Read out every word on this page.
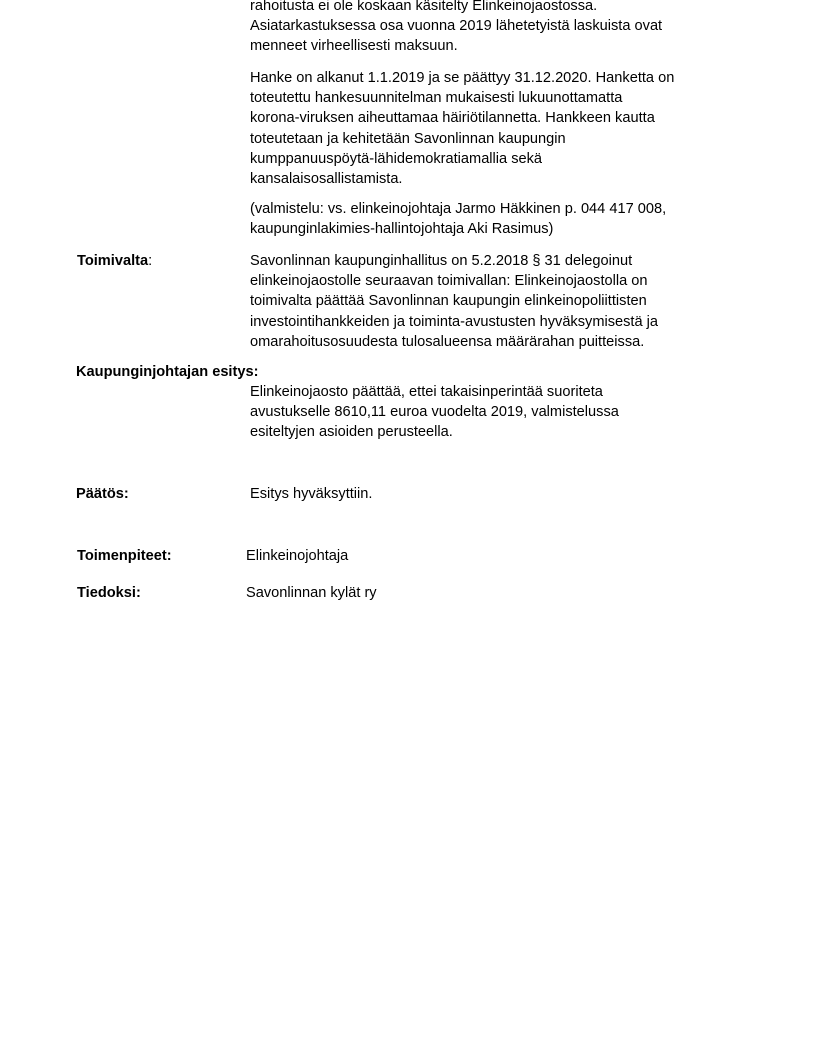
rahoitusta ei ole koskaan käsitelty Elinkeinojaostossa.
Asiatarkastuksessa osa vuonna 2019 lähetetyistä laskuista ovat
menneet virheellisesti maksuun.

Hanke on alkanut 1.1.2019 ja se päättyy 31.12.2020. Hanketta on
toteutettu hankesuunnitelman mukaisesti lukuunottamatta
korona-viruksen aiheuttamaa häiriötilannetta. Hankkeen kautta
toteutetaan ja kehitetään Savonlinnan kaupungin
kumppanuuspöytä-lähidemokratiamallia sekä
kansalaisosallistamista.

(valmistelu: vs. elinkeinojohtaja Jarmo Häkkinen p. 044 417 008,
kaupunginlakimies-hallintojohtaja Aki Rasimus)

Toimivalta:	Savonlinnan kaupunginhallitus on 5.2.2018 § 31 delegoinut
elinkeinojaostolle seuraavan toimivallan: Elinkeinojaostolla on
toimivalta päättää Savonlinnan kaupungin elinkeinopoliittisten
investointihankkeiden ja toiminta-avustusten hyväksymisestä ja
omarahoitusosuudesta tulosalueensa määrärahan puitteissa.

Kaupunginjohtajan esitys:

Elinkeinojaosto päättää, ettei takaisinperintää suoriteta
avustukselle 8610,11 euroa vuodelta 2019, valmistelussa
esiteltyjen asioiden perusteella.

Päätös:	Esitys hyväksyttiin.
Toimenpiteet:	Elinkeinojohtaja
Tiedoksi:	Savonlinnan kylät ry
